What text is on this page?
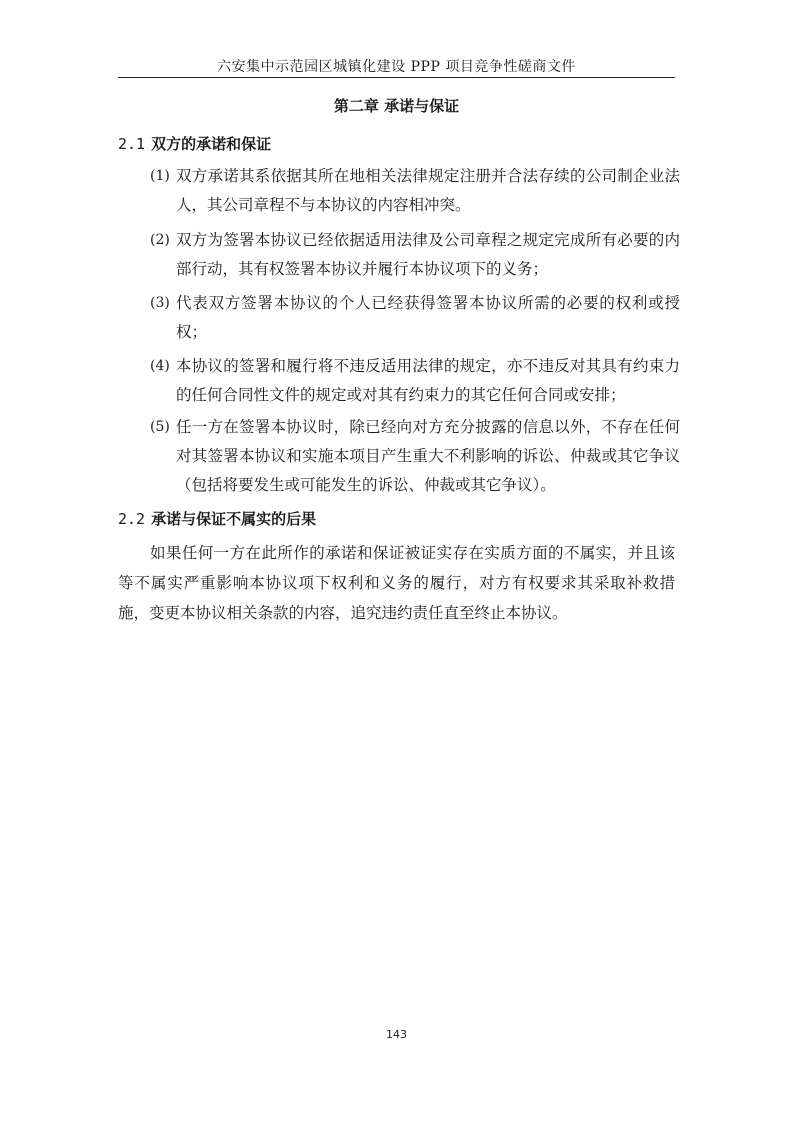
六安集中示范园区城镇化建设 PPP 项目竞争性磋商文件
第二章 承诺与保证
2.1 双方的承诺和保证
(1) 双方承诺其系依据其所在地相关法律规定注册并合法存续的公司制企业法人，其公司章程不与本协议的内容相冲突。
(2) 双方为签署本协议已经依据适用法律及公司章程之规定完成所有必要的内部行动，其有权签署本协议并履行本协议项下的义务；
(3) 代表双方签署本协议的个人已经获得签署本协议所需的必要的权利或授权；
(4) 本协议的签署和履行将不违反适用法律的规定，亦不违反对其具有约束力的任何合同性文件的规定或对其有约束力的其它任何合同或安排；
(5) 任一方在签署本协议时，除已经向对方充分披露的信息以外，不存在任何对其签署本协议和实施本项目产生重大不利影响的诉讼、仲裁或其它争议（包括将要发生或可能发生的诉讼、仲裁或其它争议）。
2.2 承诺与保证不属实的后果
如果任何一方在此所作的承诺和保证被证实存在实质方面的不属实，并且该等不属实严重影响本协议项下权利和义务的履行，对方有权要求其采取补救措施，变更本协议相关条款的内容，追究违约责任直至终止本协议。
143
